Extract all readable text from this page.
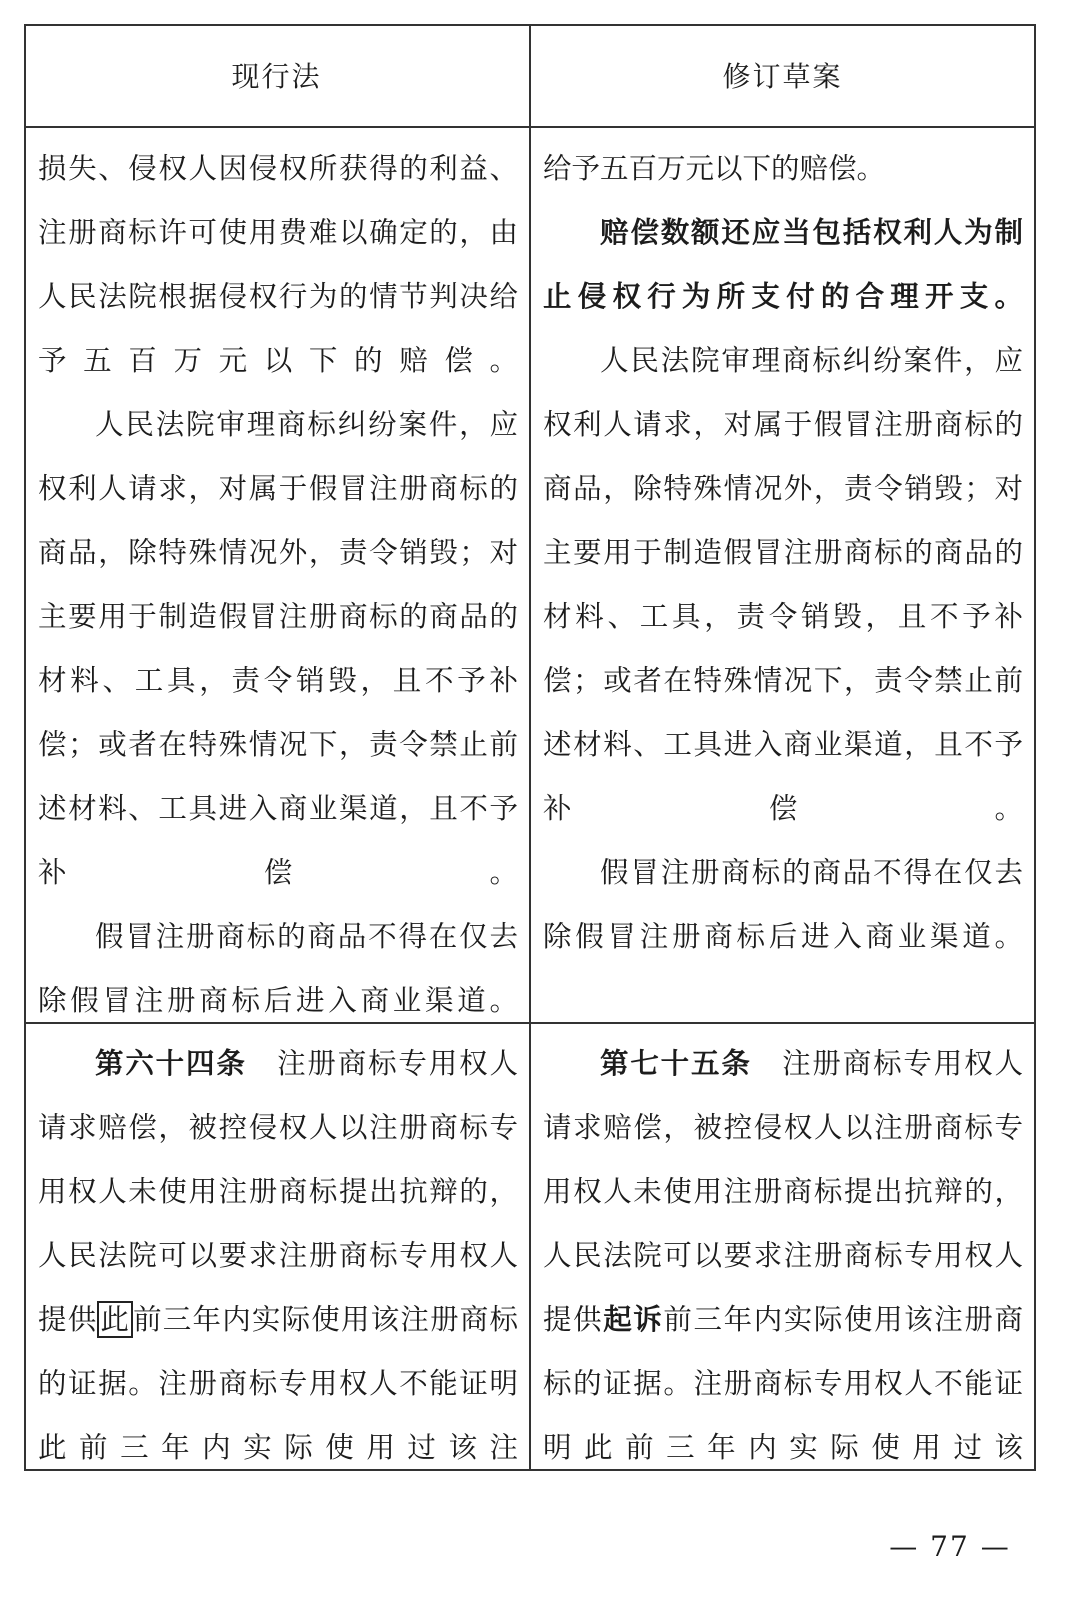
现行法	修订草案
损失、侵权人因侵权所获得的利益、注册商标许可使用费难以确定的，由人民法院根据侵权行为的情节判决给予五百万元以下的赔偿。
人民法院审理商标纠纷案件，应权利人请求，对属于假冒注册商标的商品，除特殊情况外，责令销毁；对主要用于制造假冒注册商标的商品的材料、工具，责令销毁，且不予补偿；或者在特殊情况下，责令禁止前述材料、工具进入商业渠道，且不予补偿。
假冒注册商标的商品不得在仅去除假冒注册商标后进入商业渠道。
给予五百万元以下的赔偿。
赔偿数额还应当包括权利人为制止侵权行为所支付的合理开支。
人民法院审理商标纠纷案件，应权利人请求，对属于假冒注册商标的商品，除特殊情况外，责令销毁；对主要用于制造假冒注册商标的商品的材料、工具，责令销毁，且不予补偿；或者在特殊情况下，责令禁止前述材料、工具进入商业渠道，且不予补偿。
假冒注册商标的商品不得在仅去除假冒注册商标后进入商业渠道。
第六十四条　 注册商标专用权人请求赔偿，被控侵权人以注册商标专用权人未使用注册商标提出抗辩的，人民法院可以要求注册商标专用权人提供 此 前三年内实际使用该注册商标的证据。注册商标专用权人不能证明此前三年内实际使用过该注
第七十五条　 注册商标专用权人请求赔偿，被控侵权人以注册商标专用权人未使用注册商标提出抗辩的，人民法院可以要求注册商标专用权人提供起诉前三年内实际使用该注册商标的证据。注册商标专用权人不能证明此前三年内实际使用过该
— 77 —
